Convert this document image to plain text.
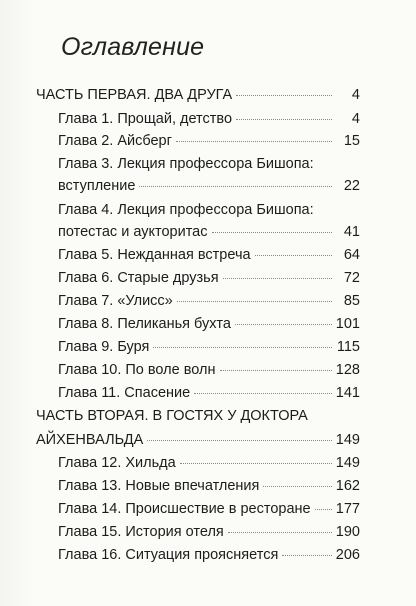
Оглавление
ЧАСТЬ ПЕРВАЯ. ДВА ДРУГА	4
Глава 1. Прощай, детство	4
Глава 2. Айсберг	15
Глава 3. Лекция профессора Бишопа:
вступление	22
Глава 4. Лекция профессора Бишопа:
потестас и аукторитас	41
Глава 5. Нежданная встреча	64
Глава 6. Старые друзья	72
Глава 7. «Улисс»	85
Глава 8. Пеликанья бухта	101
Глава 9. Буря	115
Глава 10. По воле волн	128
Глава 11. Спасение	141
ЧАСТЬ ВТОРАЯ. В ГОСТЯХ У ДОКТОРА
АЙХЕНВАЛЬДА	149
Глава 12. Хильда	149
Глава 13. Новые впечатления	162
Глава 14. Происшествие в ресторане 177
Глава 15. История отеля	190
Глава 16. Ситуация проясняется	206
